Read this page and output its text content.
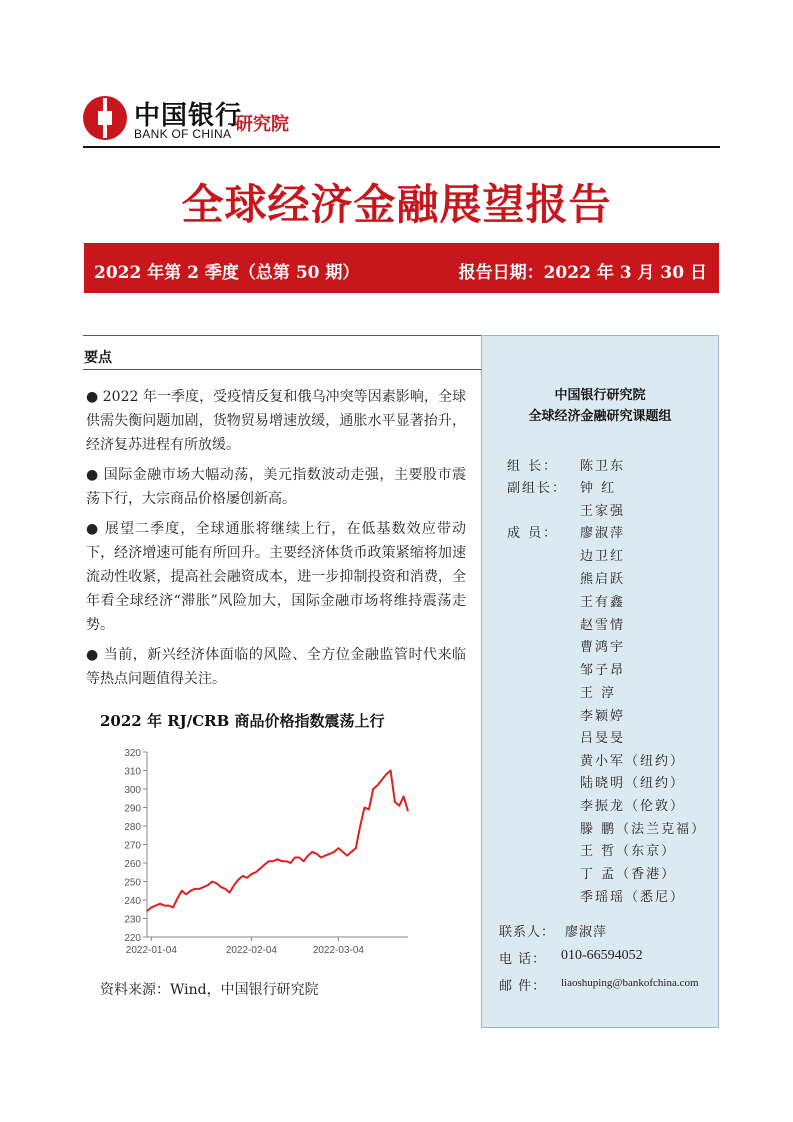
中国银行
BANK OF CHINA 研究院
全球经济金融展望报告
2022 年第 2 季度（总第 50 期）	报告日期：2022 年 3 月 30 日
要点

● 2022 年一季度，受疫情反复和俄乌冲突等因素影响，全球供需失衡问题加剧，货物贸易增速放缓，通胀水平显著抬升，经济复苏进程有所放缓。

● 国际金融市场大幅动荡，美元指数波动走强，主要股市震荡下行，大宗商品价格屡创新高。

● 展望二季度，全球通胀将继续上行，在低基数效应带动下，经济增速可能有所回升。主要经济体货币政策紧缩将加速流动性收紧，提高社会融资成本，进一步抑制投资和消费，全年看全球经济“滞胀”风险加大，国际金融市场将维持震荡走势。

● 当前，新兴经济体面临的风险、全方位金融监管时代来临等热点问题值得关注。

2022 年 RJ/CRB 商品价格指数震荡上行
320
310
300
290
280
270
260
250
240
230
220
2022-01-04	2022-02-04	2022-03-04
资料来源：Wind，中国银行研究院
中国银行研究院
全球经济金融研究课题组
组 长： 陈卫东
副组长： 钟 红
王家强
成 员： 廖淑萍
边卫红
熊启跃
王有鑫
赵雪情
曹鸿宇
邹子昂
王 淳
李颖婷
吕旻旻
黄小军（纽约）
陆晓明（纽约）
李振龙（伦敦）
滕 鹏（法兰克福）
王 哲（东京）
丁 孟（香港）
季瑶瑶（悉尼）
联系人： 廖淑萍
电 话： 010-66594052
邮 件： liaoshuping@bankofchina.com
